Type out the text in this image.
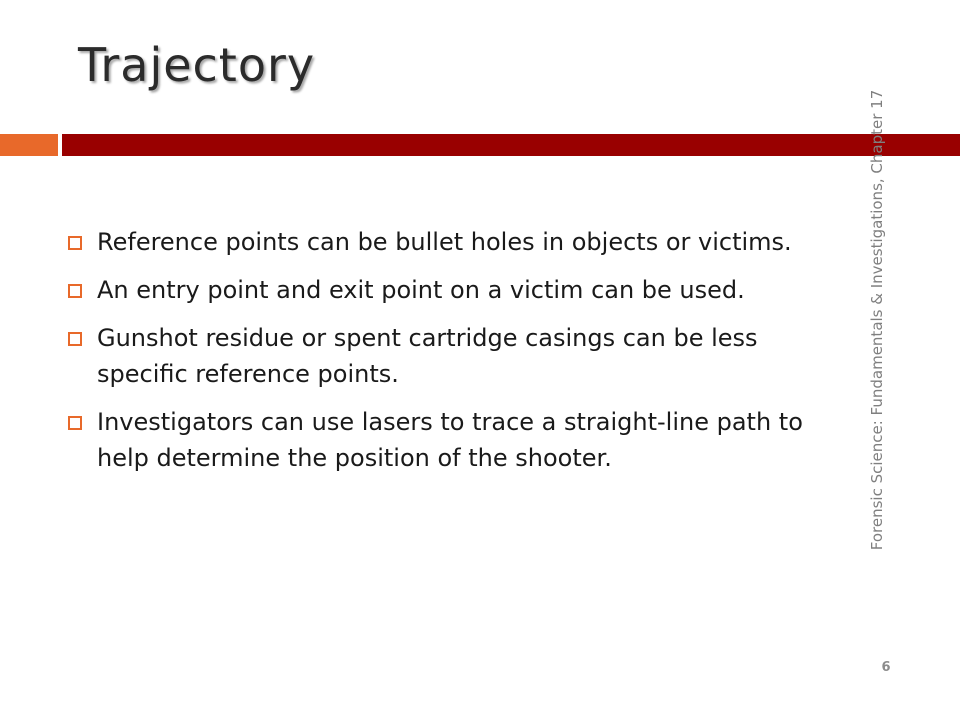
Trajectory
Reference points can be bullet holes in objects or victims.
An entry point and exit point on a victim can be used.
Gunshot residue or spent cartridge casings can be less specific reference points.
Investigators can use lasers to trace a straight-line path to help determine the position of the shooter.	Forensic Science: Fundamentals & Investigations, Chapter 17
6
